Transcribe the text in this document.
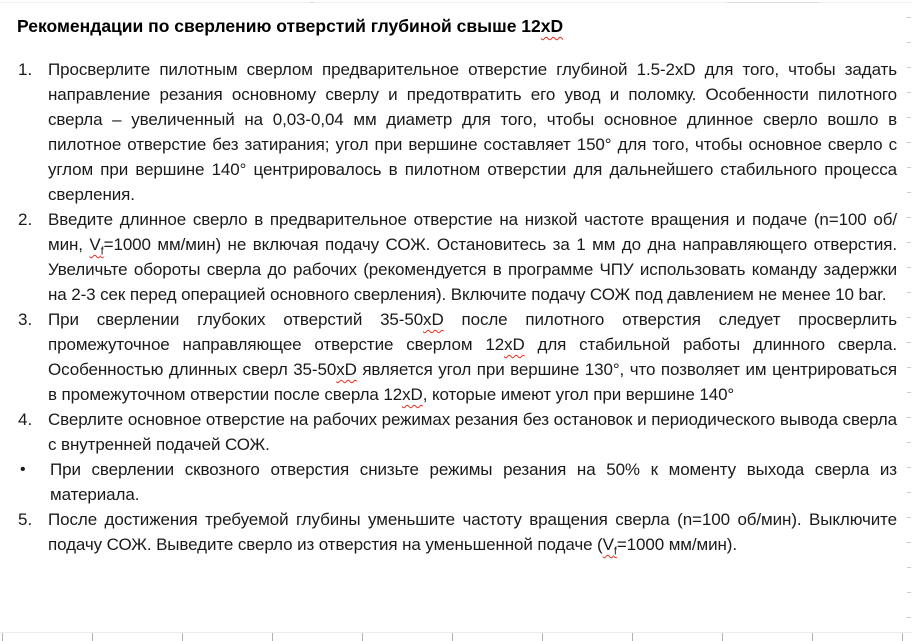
Рекомендации по сверлению отверстий глубиной свыше 12xD
1. Просверлите пилотным сверлом предварительное отверстие глубиной 1.5-2xD для того, чтобы задать направление резания основному сверлу и предотвратить его увод и поломку. Особенности пилотного сверла – увеличенный на 0,03-0,04 мм диаметр для того, чтобы основное длинное сверло вошло в пилотное отверстие без затирания; угол при вершине составляет 150° для того, чтобы основное сверло с углом при вершине 140° центрировалось в пилотном отверстии для дальнейшего стабильного процесса сверления.
2. Введите длинное сверло в предварительное отверстие на низкой частоте вращения и подаче (n=100 об/мин, $V_f=1000$ мм/мин) не включая подачу СОЖ. Остановитесь за 1 мм до дна направляющего отверстия. Увеличьте обороты сверла до рабочих (рекомендуется в программе ЧПУ использовать команду задержки на 2-3 сек перед операцией основного сверления). Включите подачу СОЖ под давлением не менее 10 bar.
3. При сверлении глубоких отверстий 35-50xD после пилотного отверстия следует просверлить промежуточное направляющее отверстие сверлом 12xD для стабильной работы длинного сверла. Особенностью длинных сверл 35-50xD является угол при вершине 130°, что позволяет им центрироваться в промежуточном отверстии после сверла 12xD, которые имеют угол при вершине 140°
4. Сверлите основное отверстие на рабочих режимах резания без остановок и периодического вывода сверла с внутренней подачей СОЖ.
•	При сверлении сквозного отверстия снизьте режимы резания на 50% к моменту выхода сверла из материала.
5. После достижения требуемой глубины уменьшите частоту вращения сверла (n=100 об/мин). Выключите подачу СОЖ. Выведите сверло из отверстия на уменьшенной подаче ($V_f=1000$ мм/мин).
